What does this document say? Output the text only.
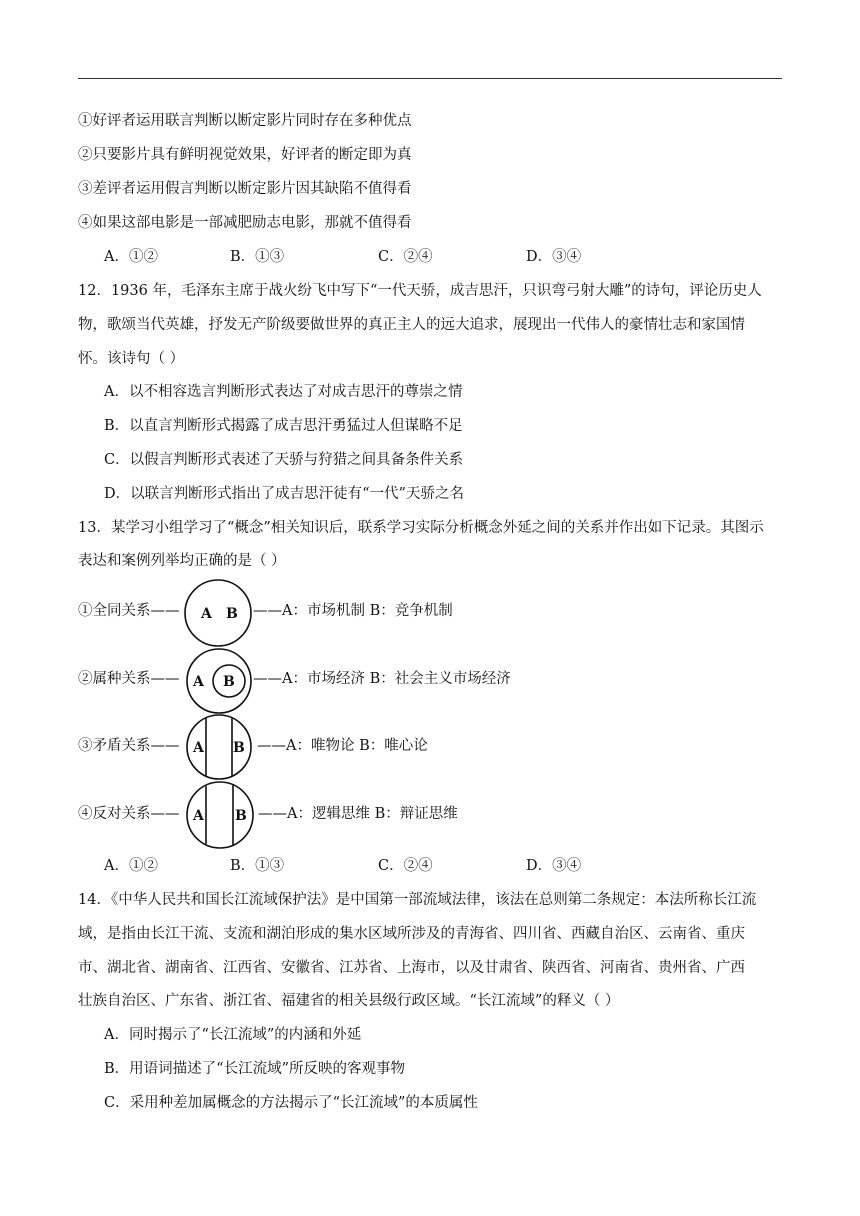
①好评者运用联言判断以断定影片同时存在多种优点
②只要影片具有鲜明视觉效果，好评者的断定即为真
③差评者运用假言判断以断定影片因其缺陷不值得看
④如果这部电影是一部减肥励志电影，那就不值得看
A．①②	B．①③	C．②④	D．③④
12．1936 年，毛泽东主席于战火纷飞中写下“一代天骄，成吉思汗，只识弯弓射大雕”的诗句，评论历史人
物，歌颂当代英雄，抒发无产阶级要做世界的真正主人的远大追求，展现出一代伟人的豪情壮志和家国情
怀。该诗句（ ）
A．以不相容选言判断形式表达了对成吉思汗的尊崇之情
B．以直言判断形式揭露了成吉思汗勇猛过人但谋略不足
C．以假言判断形式表述了天骄与狩猎之间具备条件关系
D．以联言判断形式指出了成吉思汗徒有“一代”天骄之名
13．某学习小组学习了“概念”相关知识后，联系学习实际分析概念外延之间的关系并作出如下记录。其图示
表达和案例列举均正确的是（ ）
①全同关系—— A B ——A：市场机制 B：竞争机制
②属种关系—— A B ——A：市场经济 B：社会主义市场经济
③矛盾关系—— A B ——A：唯物论 B：唯心论
④反对关系—— A B ——A：逻辑思维 B：辩证思维
A．①②	B．①③	C．②④	D．③④
14．《中华人民共和国长江流域保护法》是中国第一部流域法律，该法在总则第二条规定：本法所称长江流
域，是指由长江干流、支流和湖泊形成的集水区域所涉及的青海省、四川省、西藏自治区、云南省、重庆
市、湖北省、湖南省、江西省、安徽省、江苏省、上海市，以及甘肃省、陕西省、河南省、贵州省、广西
壮族自治区、广东省、浙江省、福建省的相关县级行政区域。“长江流域”的释义（ ）
A．同时揭示了“长江流域”的内涵和外延
B．用语词描述了“长江流域”所反映的客观事物
C．采用种差加属概念的方法揭示了“长江流域”的本质属性
